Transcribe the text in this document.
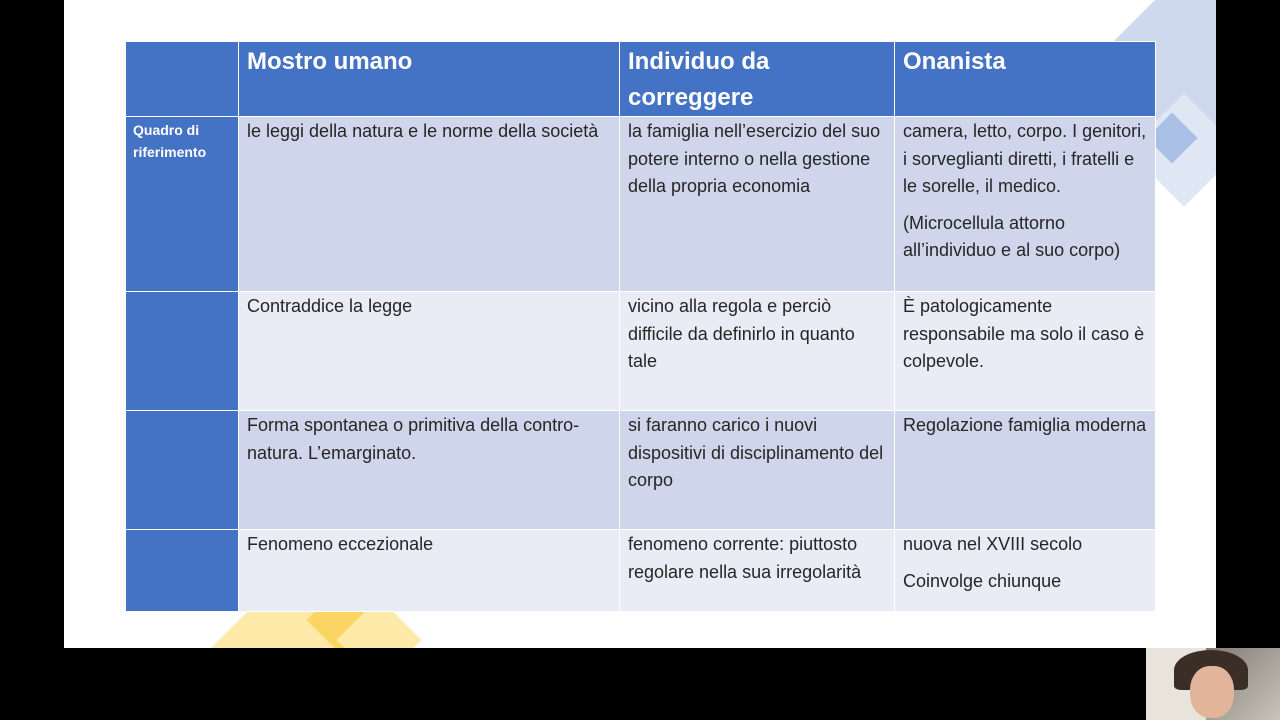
	Mostro umano	Individuo da correggere	Onanista
Quadro di riferimento	le leggi della natura e le norme della società	la famiglia nell’esercizio del suo potere interno o nella gestione della propria economia	camera, letto, corpo. I genitori, i sorveglianti diretti, i fratelli e le sorelle, il medico.

(Microcellula attorno all’individuo e al suo corpo)

	Contraddice la legge	vicino alla regola e perciò difficile da definirlo in quanto tale	È patologicamente responsabile ma solo il caso è colpevole.

	Forma spontanea o primitiva della contro-natura. L’emarginato.	si faranno carico i nuovi dispositivi di disciplinamento del corpo	Regolazione famiglia moderna

	Fenomeno eccezionale	fenomeno corrente: piuttosto regolare nella sua irregolarità	nuova nel XVIII secolo

Coinvolge chiunque
